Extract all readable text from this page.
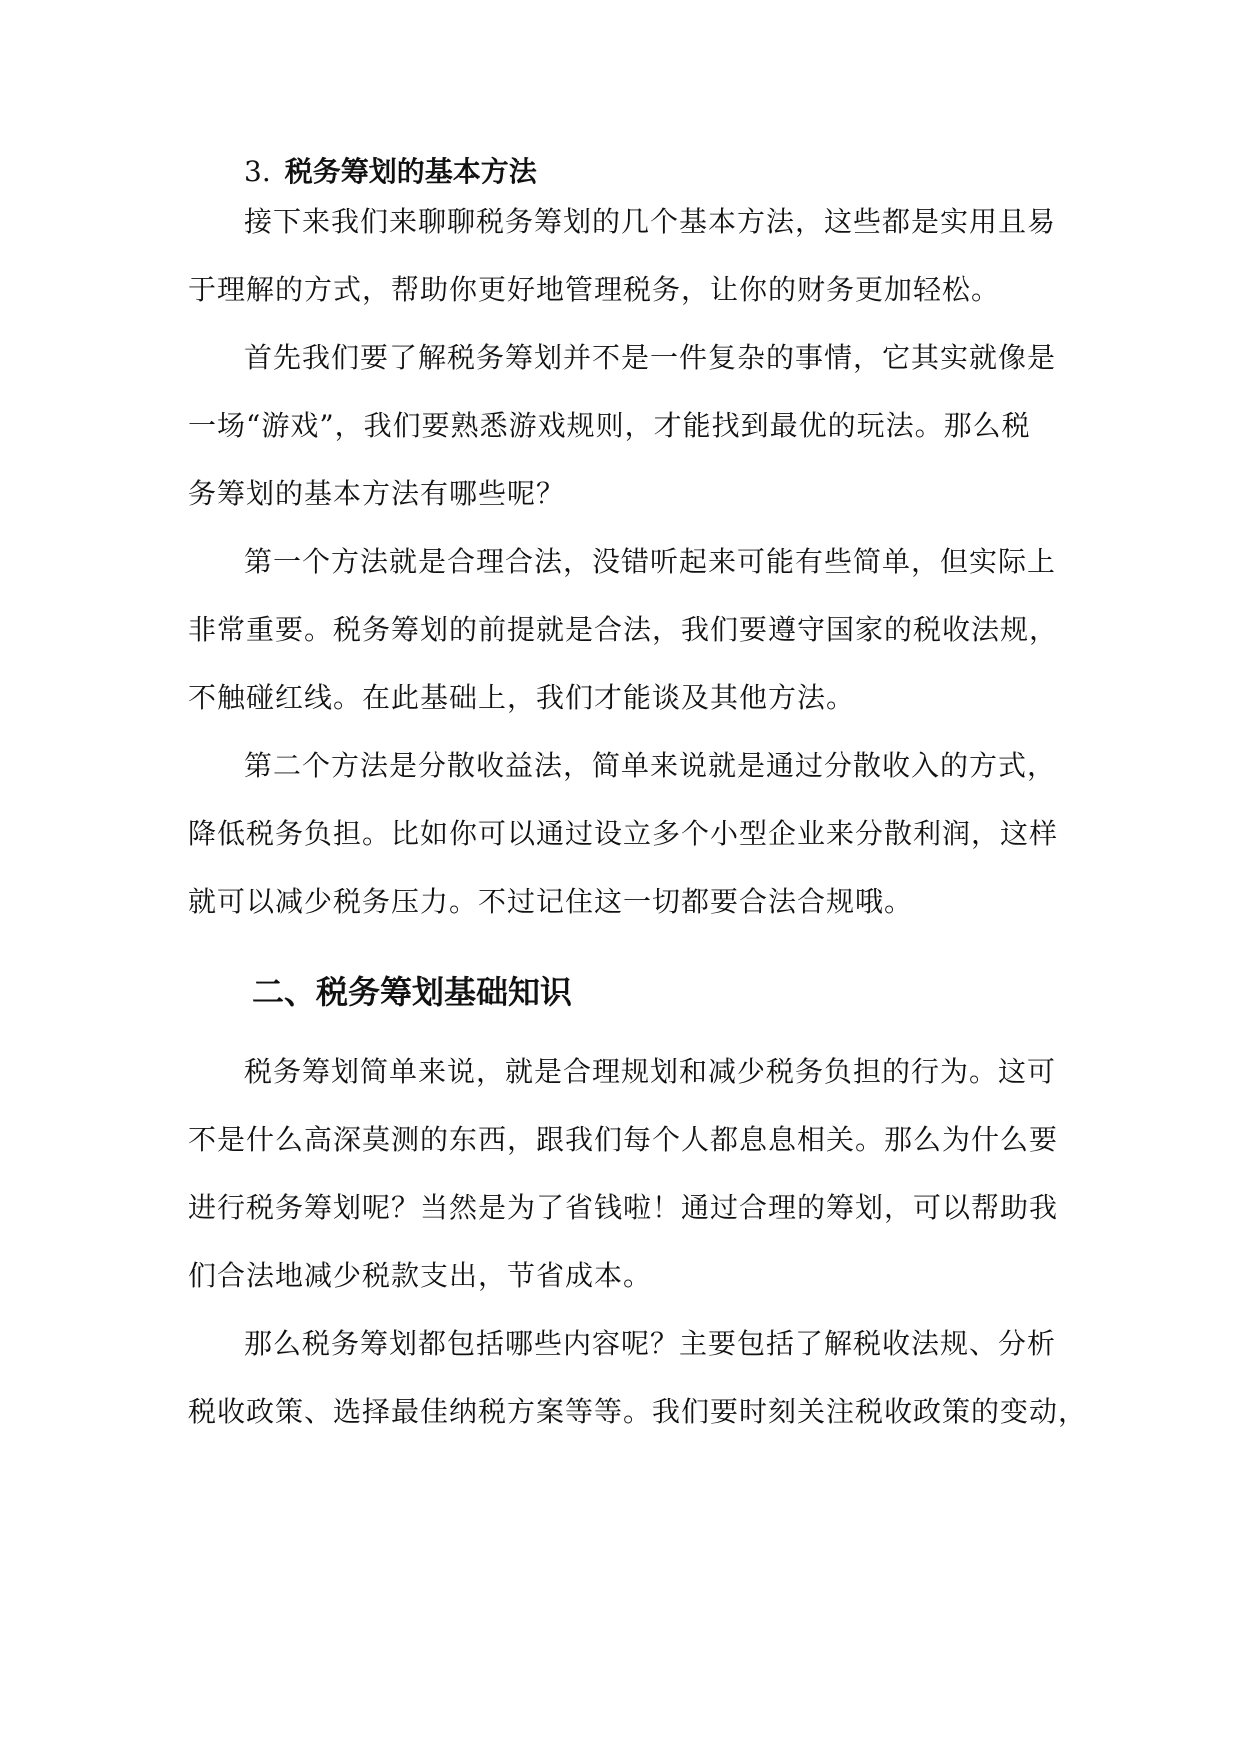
3. 税务筹划的基本方法
接下来我们来聊聊税务筹划的几个基本方法，这些都是实用且易
于理解的方式，帮助你更好地管理税务，让你的财务更加轻松。
首先我们要了解税务筹划并不是一件复杂的事情，它其实就像是
一场“游戏”，我们要熟悉游戏规则，才能找到最优的玩法。那么税
务筹划的基本方法有哪些呢？
第一个方法就是合理合法，没错听起来可能有些简单，但实际上
非常重要。税务筹划的前提就是合法，我们要遵守国家的税收法规，
不触碰红线。在此基础上，我们才能谈及其他方法。
第二个方法是分散收益法，简单来说就是通过分散收入的方式，
降低税务负担。比如你可以通过设立多个小型企业来分散利润，这样
就可以减少税务压力。不过记住这一切都要合法合规哦。
二、税务筹划基础知识
税务筹划简单来说，就是合理规划和减少税务负担的行为。这可
不是什么高深莫测的东西，跟我们每个人都息息相关。那么为什么要
进行税务筹划呢？当然是为了省钱啦！通过合理的筹划，可以帮助我
们合法地减少税款支出，节省成本。
那么税务筹划都包括哪些内容呢？主要包括了解税收法规、分析
税收政策、选择最佳纳税方案等等。我们要时刻关注税收政策的变动，
